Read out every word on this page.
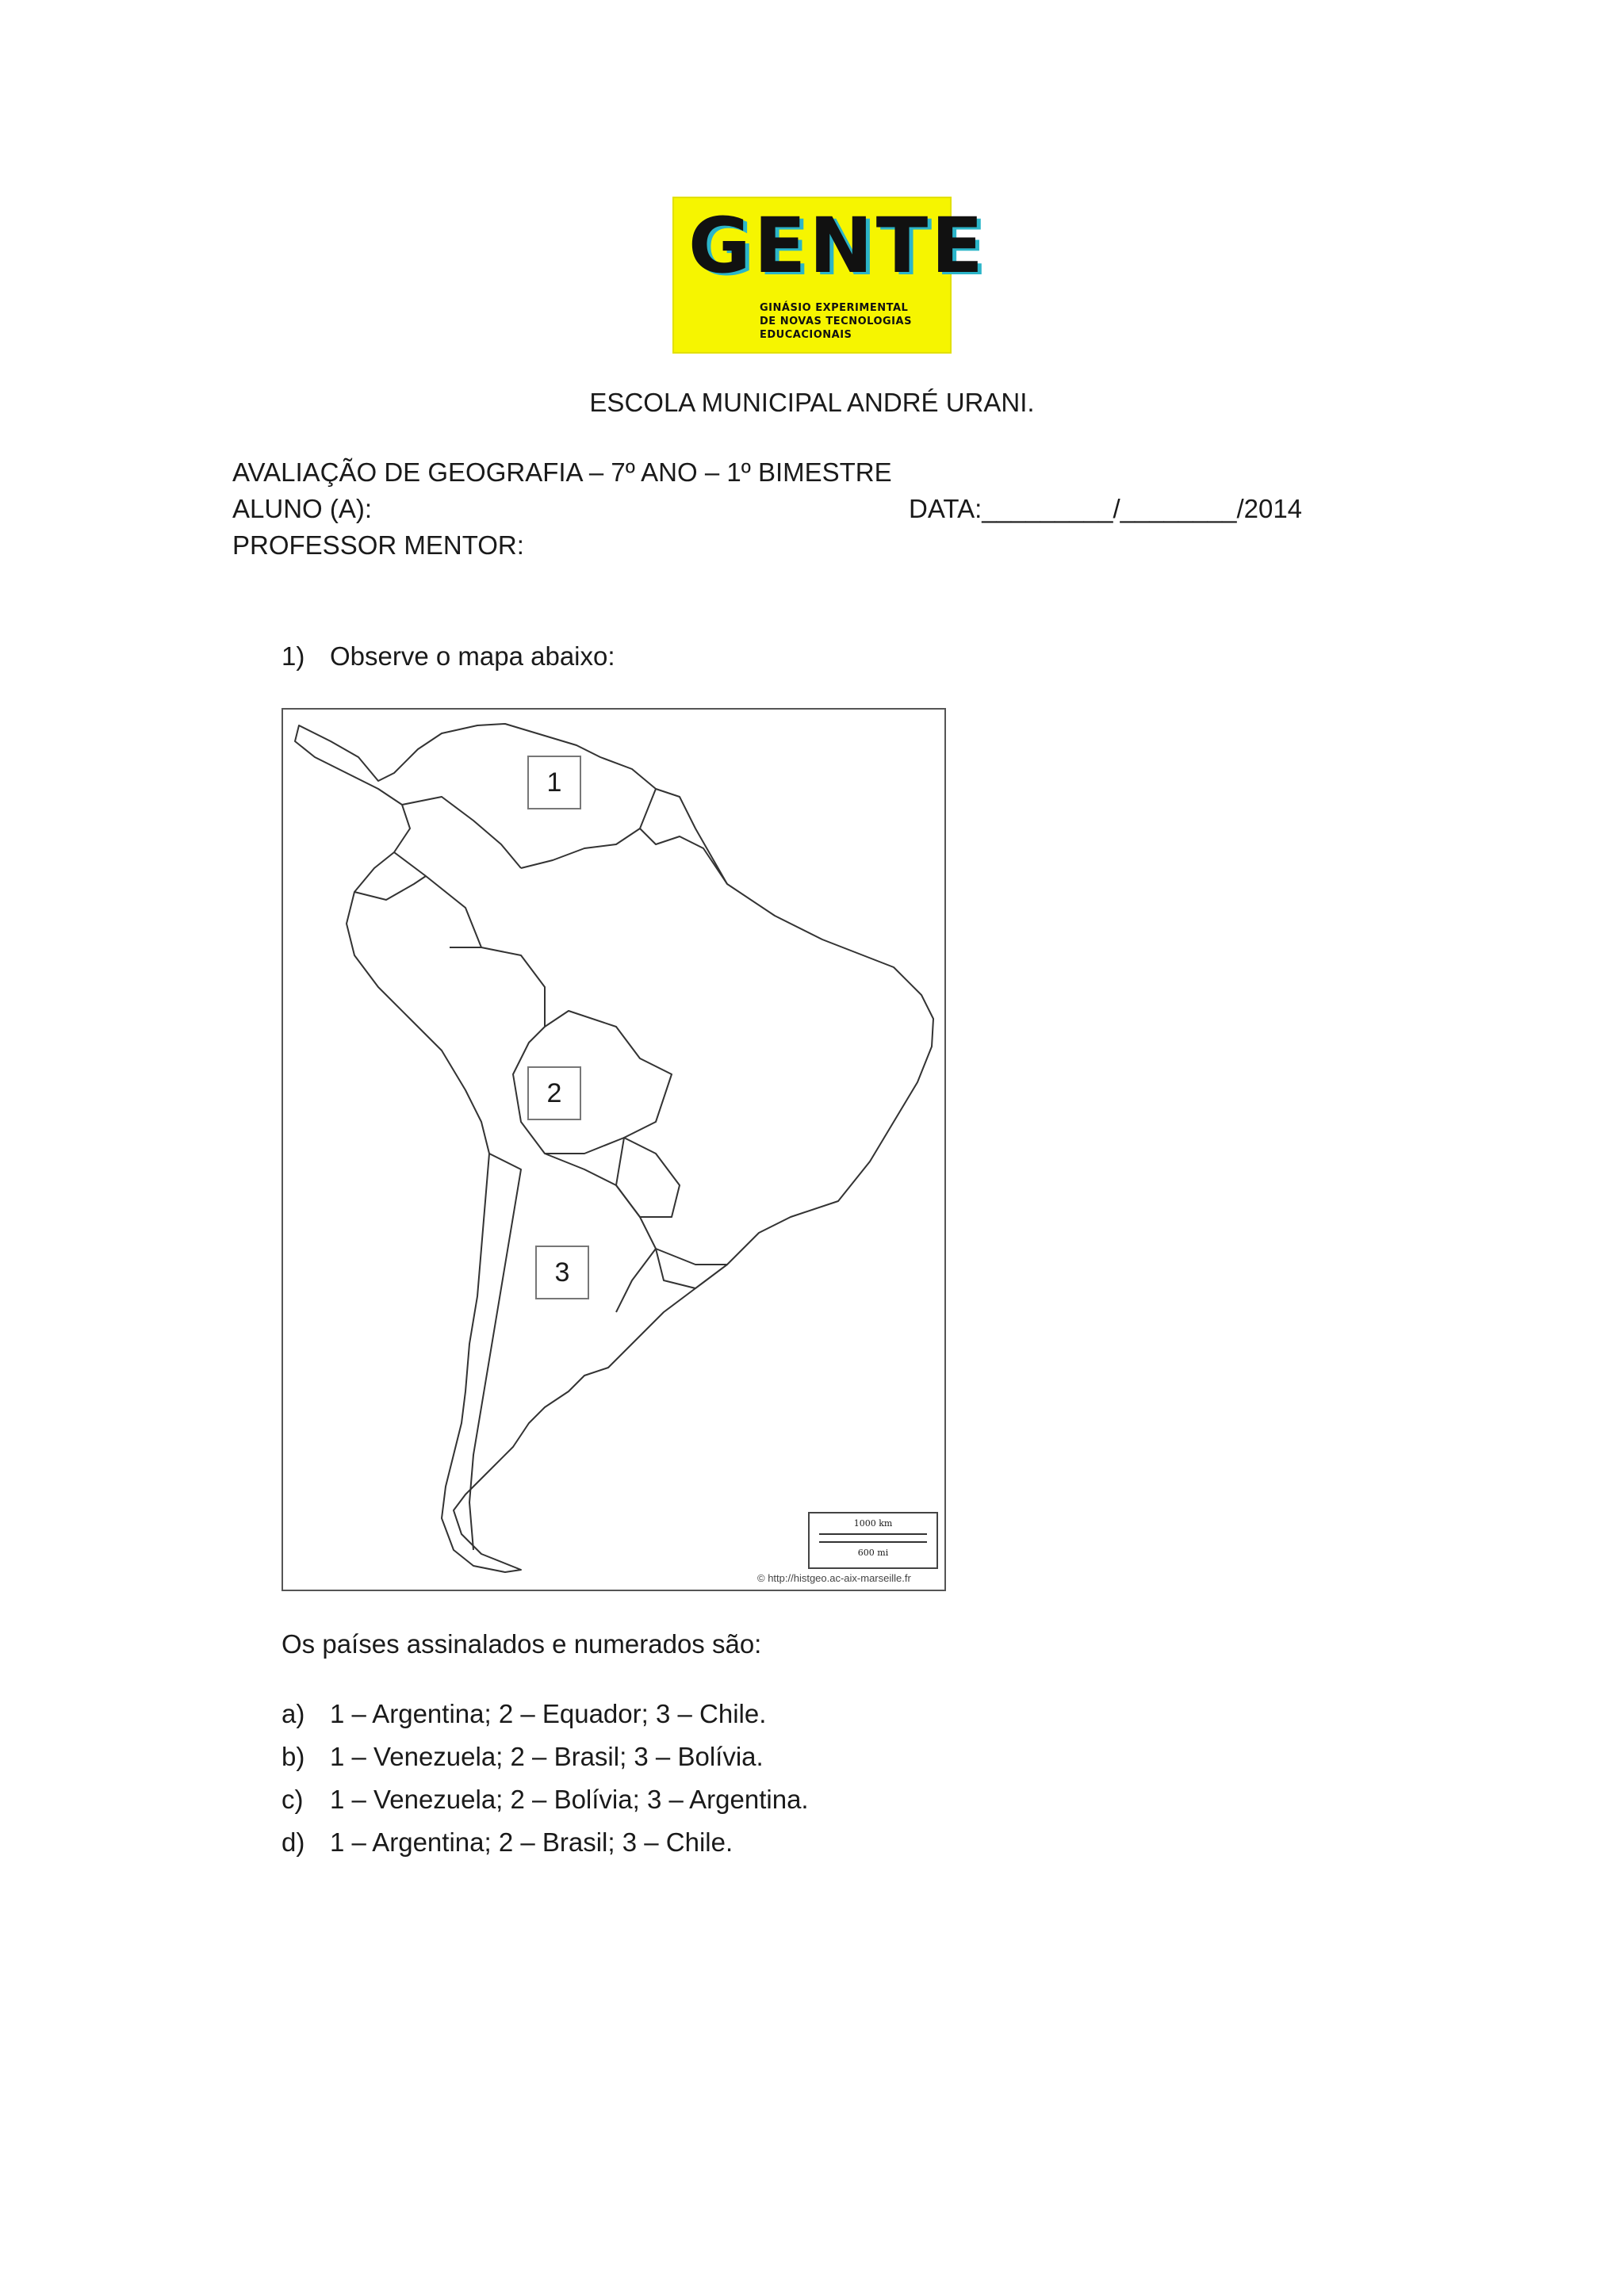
GENTE
GINÁSIO EXPERIMENTAL
DE NOVAS TECNOLOGIAS
EDUCACIONAIS
ESCOLA MUNICIPAL ANDRÉ URANI.
AVALIAÇÃO DE GEOGRAFIA – 7º ANO – 1º BIMESTRE
ALUNO (A):	DATA:_________/________/2014
PROFESSOR MENTOR:
1) Observe o mapa abaixo:
1
2
3
1000 km
600 mi
© http://histgeo.ac-aix-marseille.fr
Os países assinalados e numerados são:
a) 1 – Argentina; 2 – Equador; 3 – Chile.
b) 1 – Venezuela; 2 – Brasil; 3 – Bolívia.
c) 1 – Venezuela; 2 – Bolívia; 3 – Argentina.
d) 1 – Argentina; 2 – Brasil; 3 – Chile.
